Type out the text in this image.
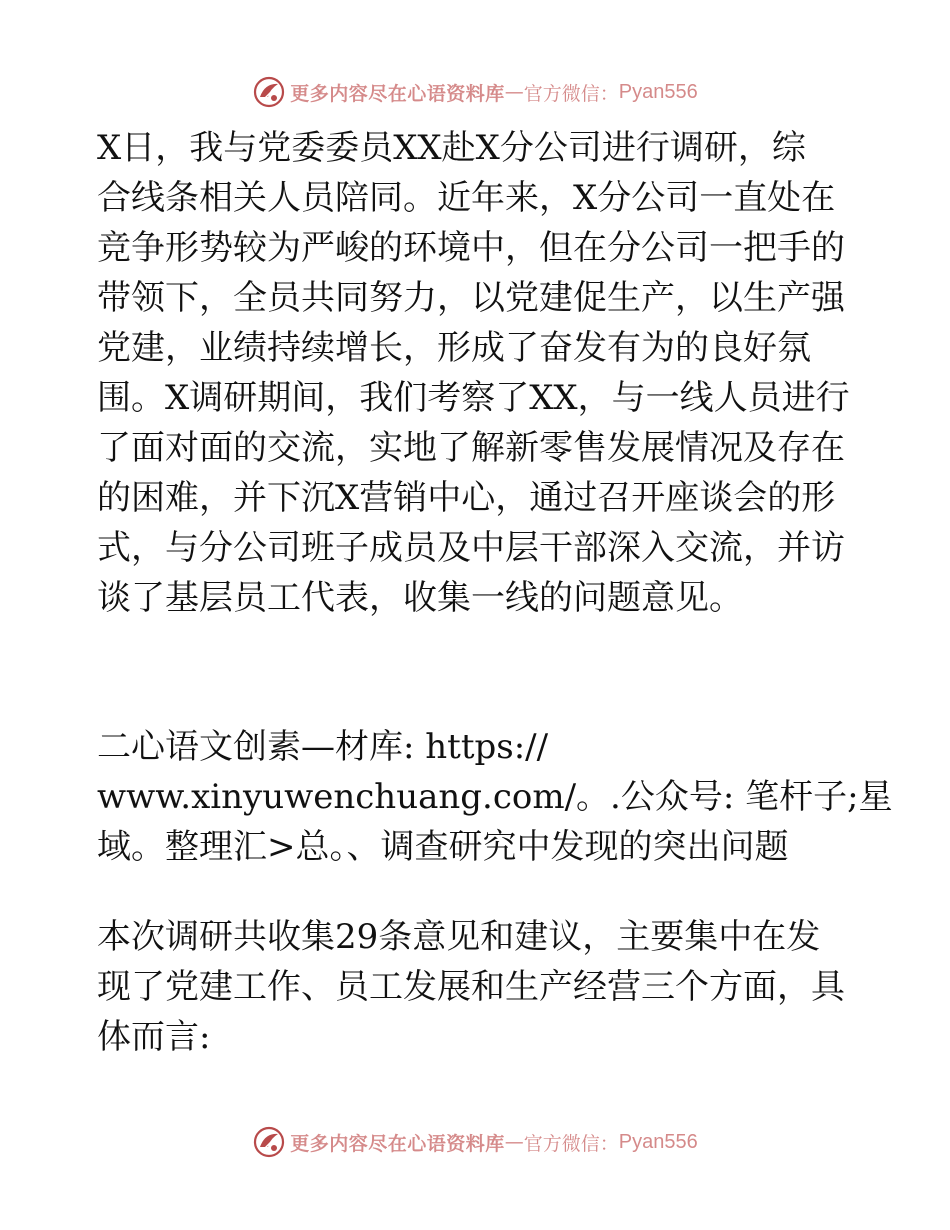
更多内容尽在心语资料库 — 官方微信： Pyan556

X日，我与党委委员XX赴X分公司进行调研，综

合线条相关人员陪同。近年来，X分公司一直处在

竞争形势较为严峻的环境中，但在分公司一把手的

带领下，全员共同努力，以党建促生产，以生产强

党建，业绩持续增长，形成了奋发有为的良好氛

围。X调研期间，我们考察了XX，与一线人员进行

了面对面的交流，实地了解新零售发展情况及存在

的困难，并下沉X营销中心，通过召开座谈会的形

式，与分公司班子成员及中层干部深入交流，并访

谈了基层员工代表，收集一线的问题意见。

二心语文创素—材库: https://

www.xinyuwenchuang.com/。.公众号: 笔杆子;星

域。整理汇>总。、调查研究中发现的突出问题

本次调研共收集29条意见和建议，主要集中在发

现了党建工作、员工发展和生产经营三个方面，具

体而言:

更多内容尽在心语资料库 — 官方微信： Pyan556
